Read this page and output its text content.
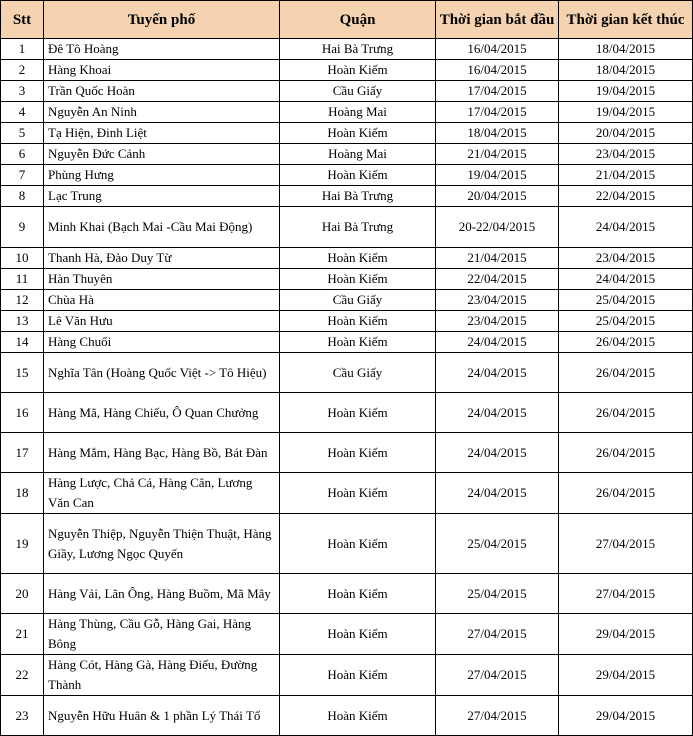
Stt	Tuyến phố	Quận	Thời gian bắt đầu	Thời gian kết thúc
1	Đê Tô Hoàng	Hai Bà Trưng	16/04/2015	18/04/2015
2	Hàng Khoai	Hoàn Kiếm	16/04/2015	18/04/2015
3	Trần Quốc Hoàn	Cầu Giấy	17/04/2015	19/04/2015
4	Nguyễn An Ninh	Hoàng Mai	17/04/2015	19/04/2015
5	Tạ Hiện, Đinh Liệt	Hoàn Kiếm	18/04/2015	20/04/2015
6	Nguyễn Đức Cảnh	Hoàng Mai	21/04/2015	23/04/2015
7	Phùng Hưng	Hoàn Kiếm	19/04/2015	21/04/2015
8	Lạc Trung	Hai Bà Trưng	20/04/2015	22/04/2015
9	Minh Khai (Bạch Mai -Cầu Mai Động)	Hai Bà Trưng	20-22/04/2015	24/04/2015
10	Thanh Hà, Đào Duy Từ	Hoàn Kiếm	21/04/2015	23/04/2015
11	Hàn Thuyên	Hoàn Kiếm	22/04/2015	24/04/2015
12	Chùa Hà	Cầu Giấy	23/04/2015	25/04/2015
13	Lê Văn Hưu	Hoàn Kiếm	23/04/2015	25/04/2015
14	Hàng Chuối	Hoàn Kiếm	24/04/2015	26/04/2015
15	Nghĩa Tân (Hoàng Quốc Việt -> Tô Hiệu)	Cầu Giấy	24/04/2015	26/04/2015
16	Hàng Mã, Hàng Chiếu, Ô Quan Chưởng	Hoàn Kiếm	24/04/2015	26/04/2015
17	Hàng Mắm, Hàng Bạc, Hàng Bồ, Bát Đàn	Hoàn Kiếm	24/04/2015	26/04/2015
18	Hàng Lược, Chả Cá, Hàng Cân, Lương Văn Can	Hoàn Kiếm	24/04/2015	26/04/2015
19	Nguyễn Thiệp, Nguyễn Thiện Thuật, Hàng Giầy, Lương Ngọc Quyến	Hoàn Kiếm	25/04/2015	27/04/2015
20	Hàng Vải, Lãn Ông, Hàng Buồm, Mã Mây	Hoàn Kiếm	25/04/2015	27/04/2015
21	Hàng Thùng, Cầu Gỗ, Hàng Gai, Hàng Bông	Hoàn Kiếm	27/04/2015	29/04/2015
22	Hàng Cót, Hàng Gà, Hàng Điếu, Đường Thành	Hoàn Kiếm	27/04/2015	29/04/2015
23	Nguyễn Hữu Huân & 1 phần Lý Thái Tổ	Hoàn Kiếm	27/04/2015	29/04/2015
